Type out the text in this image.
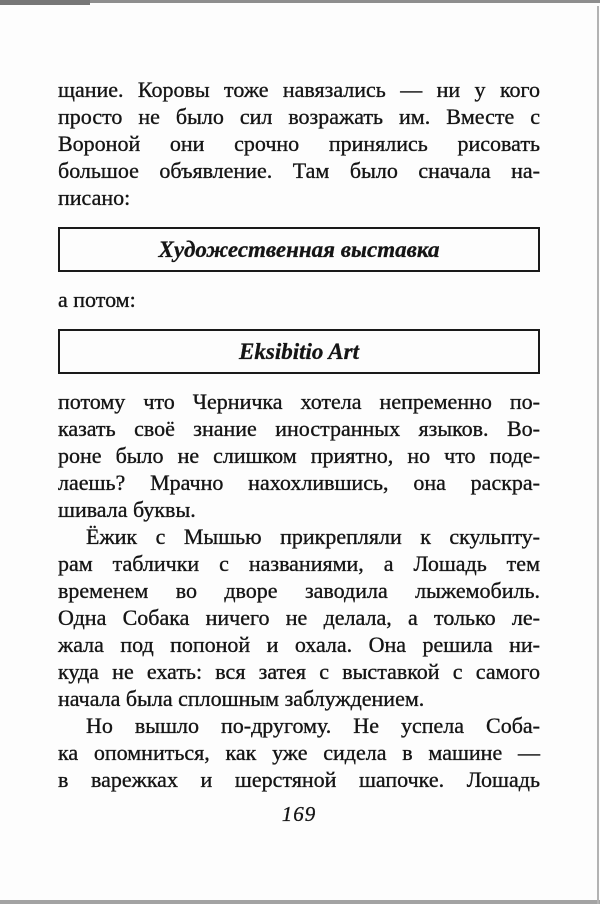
щание. Коровы тоже навязались — ни у кого
просто не было сил возражать им. Вместе с
Вороной они срочно принялись рисовать
большое объявление. Там было сначала на-
писано:
Художественная выставка
а потом:
Eksibitio Art
потому что Черничка хотела непременно по-
казать своё знание иностранных языков. Во-
роне было не слишком приятно, но что поде-
лаешь? Мрачно нахохлившись, она раскра-
шивала буквы.
Ёжик с Мышью прикрепляли к скульпту-
рам таблички с названиями, а Лошадь тем
временем во дворе заводила лыжемобиль.
Одна Собака ничего не делала, а только ле-
жала под попоной и охала. Она решила ни-
куда не ехать: вся затея с выставкой с самого
начала была сплошным заблуждением.
Но вышло по-другому. Не успела Соба-
ка опомниться, как уже сидела в машине —
в варежках и шерстяной шапочке. Лошадь
169
